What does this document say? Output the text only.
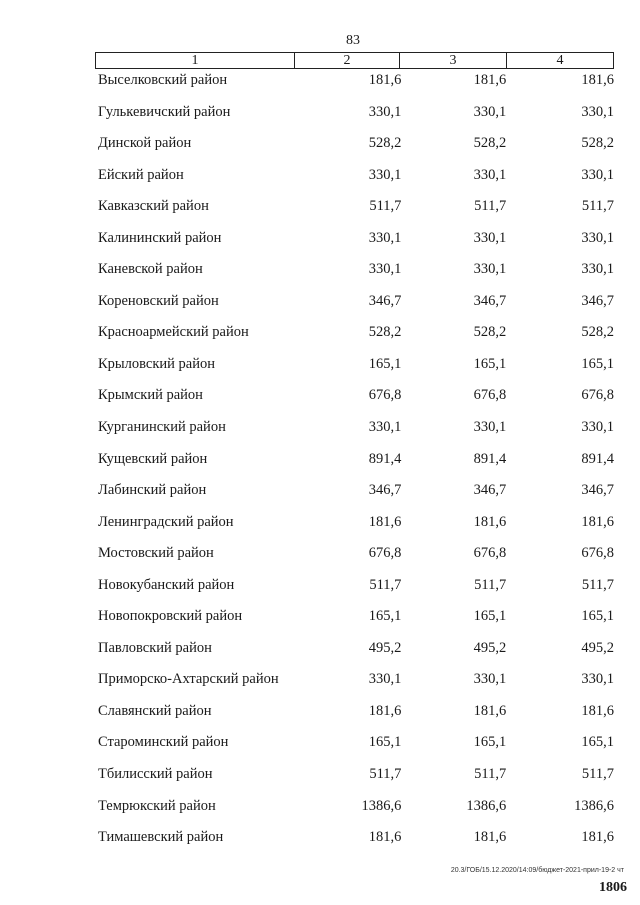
83
1	2	3	4
Выселковский район	181,6	181,6	181,6
Гулькевичский район	330,1	330,1	330,1
Динской район	528,2	528,2	528,2
Ейский район	330,1	330,1	330,1
Кавказский район	511,7	511,7	511,7
Калининский район	330,1	330,1	330,1
Каневской район	330,1	330,1	330,1
Кореновский район	346,7	346,7	346,7
Красноармейский район	528,2	528,2	528,2
Крыловский район	165,1	165,1	165,1
Крымский район	676,8	676,8	676,8
Курганинский район	330,1	330,1	330,1
Кущевский район	891,4	891,4	891,4
Лабинский район	346,7	346,7	346,7
Ленинградский район	181,6	181,6	181,6
Мостовский район	676,8	676,8	676,8
Новокубанский район	511,7	511,7	511,7
Новопокровский район	165,1	165,1	165,1
Павловский район	495,2	495,2	495,2
Приморско-Ахтарский район	330,1	330,1	330,1
Славянский район	181,6	181,6	181,6
Староминский район	165,1	165,1	165,1
Тбилисский район	511,7	511,7	511,7
Темрюкский район	1386,6	1386,6	1386,6
Тимашевский район	181,6	181,6	181,6
20.3/ГОБ/15.12.2020/14:09/бюджет-2021-прил-19-2 чт
1806
